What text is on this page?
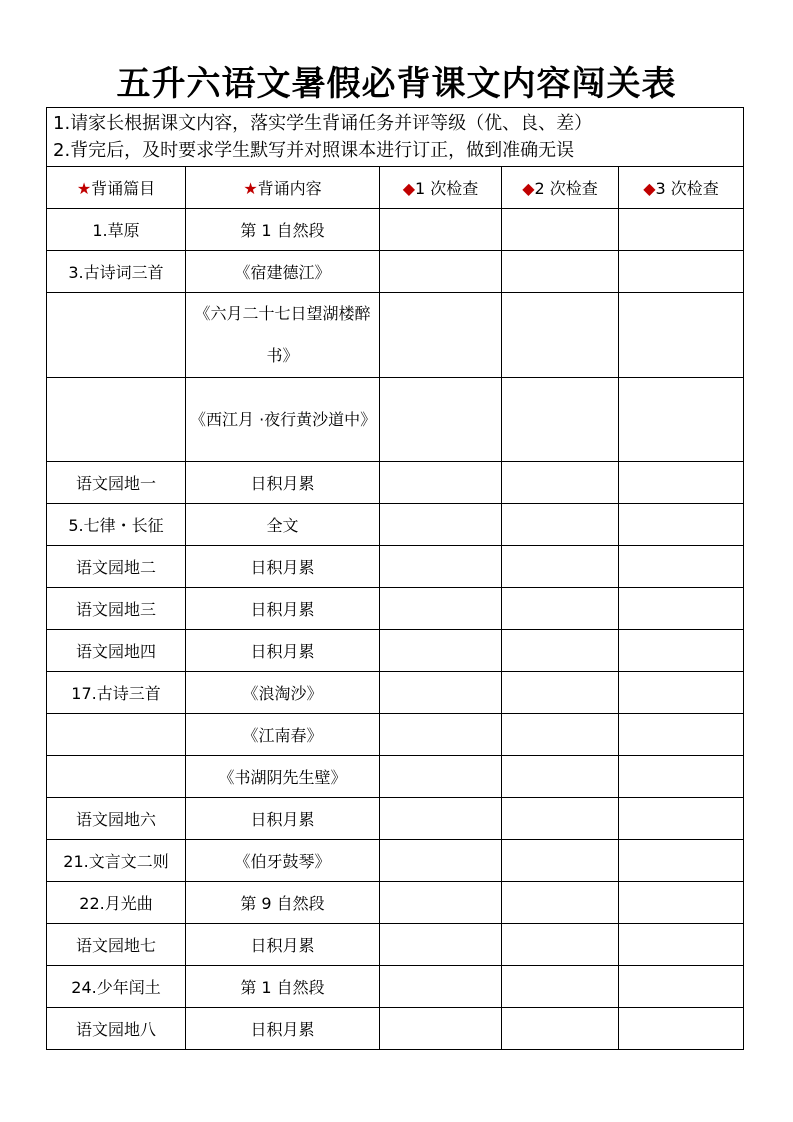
五升六语文暑假必背课文内容闯关表
1.请家长根据课文内容，落实学生背诵任务并评等级（优、良、差）
2.背完后，及时要求学生默写并对照课本进行订正，做到准确无误				

★背诵篇目	★背诵内容	◆1 次检查	◆2 次检查	◆3 次检查
1.草原	第 1 自然段			
3.古诗词三首	《宿建德江》			
	《六月二十七日望湖楼醉书》			
	《西江月 ·夜行黄沙道中》			
语文园地一	日积月累			
5.七律・长征	全文			
语文园地二	日积月累			
语文园地三	日积月累			
语文园地四	日积月累			
17.古诗三首	《浪淘沙》			
	《江南春》			
	《书湖阴先生壁》			
语文园地六	日积月累			
21.文言文二则	《伯牙鼓琴》			
22.月光曲	第 9 自然段			
语文园地七	日积月累			
24.少年闰土	第 1 自然段			
语文园地八	日积月累			
